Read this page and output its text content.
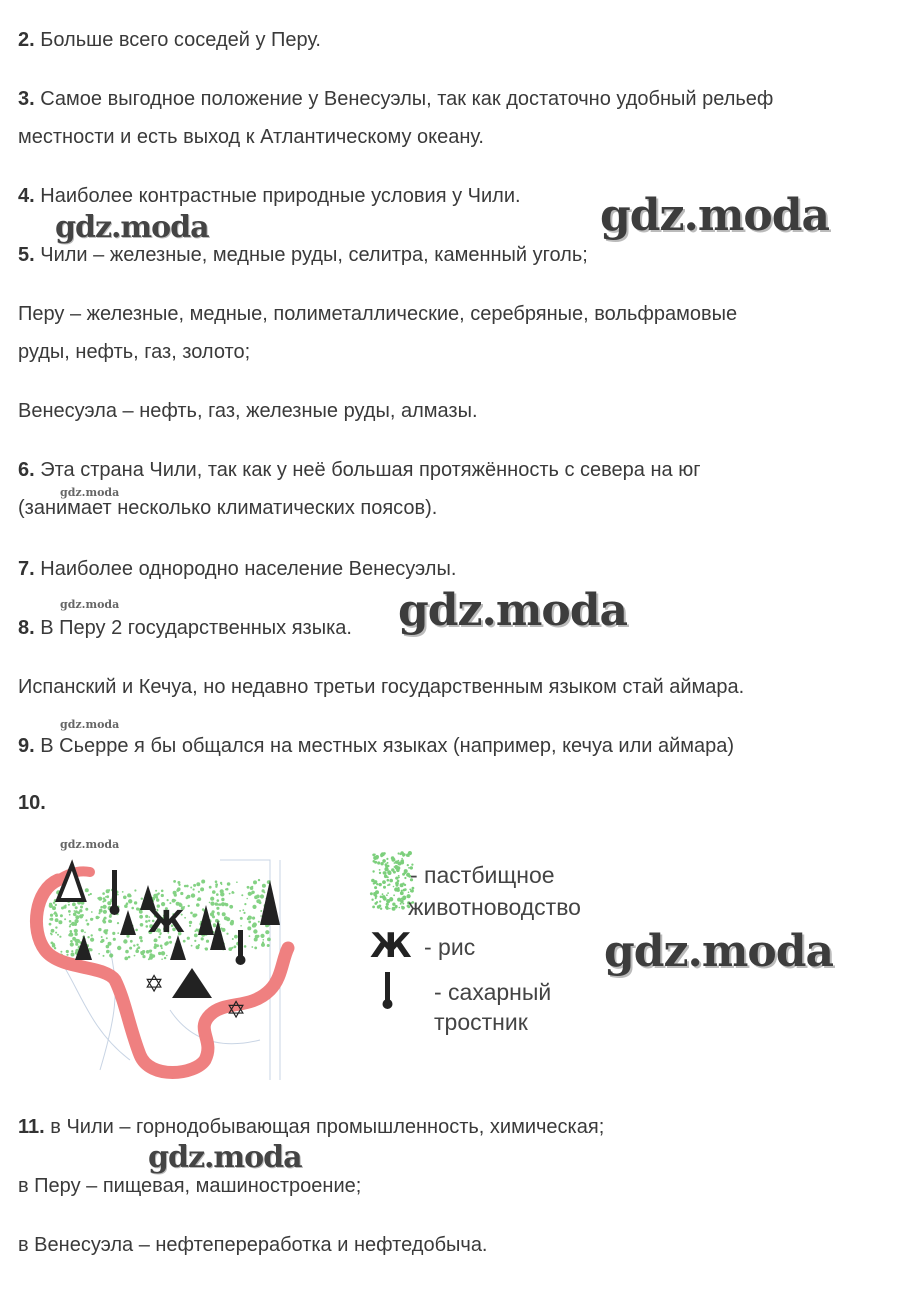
2. Больше всего соседей у Перу.
3. Самое выгодное положение у Венесуэлы, так как достаточно удобный рельеф
местности и есть выход к Атлантическому океану.
4. Наиболее контрастные природные условия у Чили.
5. Чили – железные, медные руды, селитра, каменный уголь;
Перу – железные, медные, полиметаллические, серебряные, вольфрамовые
руды, нефть, газ, золото;
Венесуэла – нефть, газ, железные руды, алмазы.
6. Эта страна Чили, так как у неё большая протяжённость с севера на юг
(занимает несколько климатических поясов).
7. Наиболее однородно население Венесуэлы.
8. В Перу 2 государственных языка.
Испанский и Кечуа, но недавно третьи государственным языком стай аймара.
9. В Сьерре я бы общался на местных языках (например, кечуа или аймара)
10.
Ж
✡
✡
- пастбищное
животноводство
Ж - рис
- сахарный
тростник
11. в Чили – горнодобывающая промышленность, химическая;
в Перу – пищевая, машиностроение;
в Венесуэла – нефтепереработка и нефтедобыча.
gdz.moda	gdz.moda
gdz.moda
gdz.moda	gdz.moda
gdz.moda
gdz.moda
gdz.moda
gdz.moda
